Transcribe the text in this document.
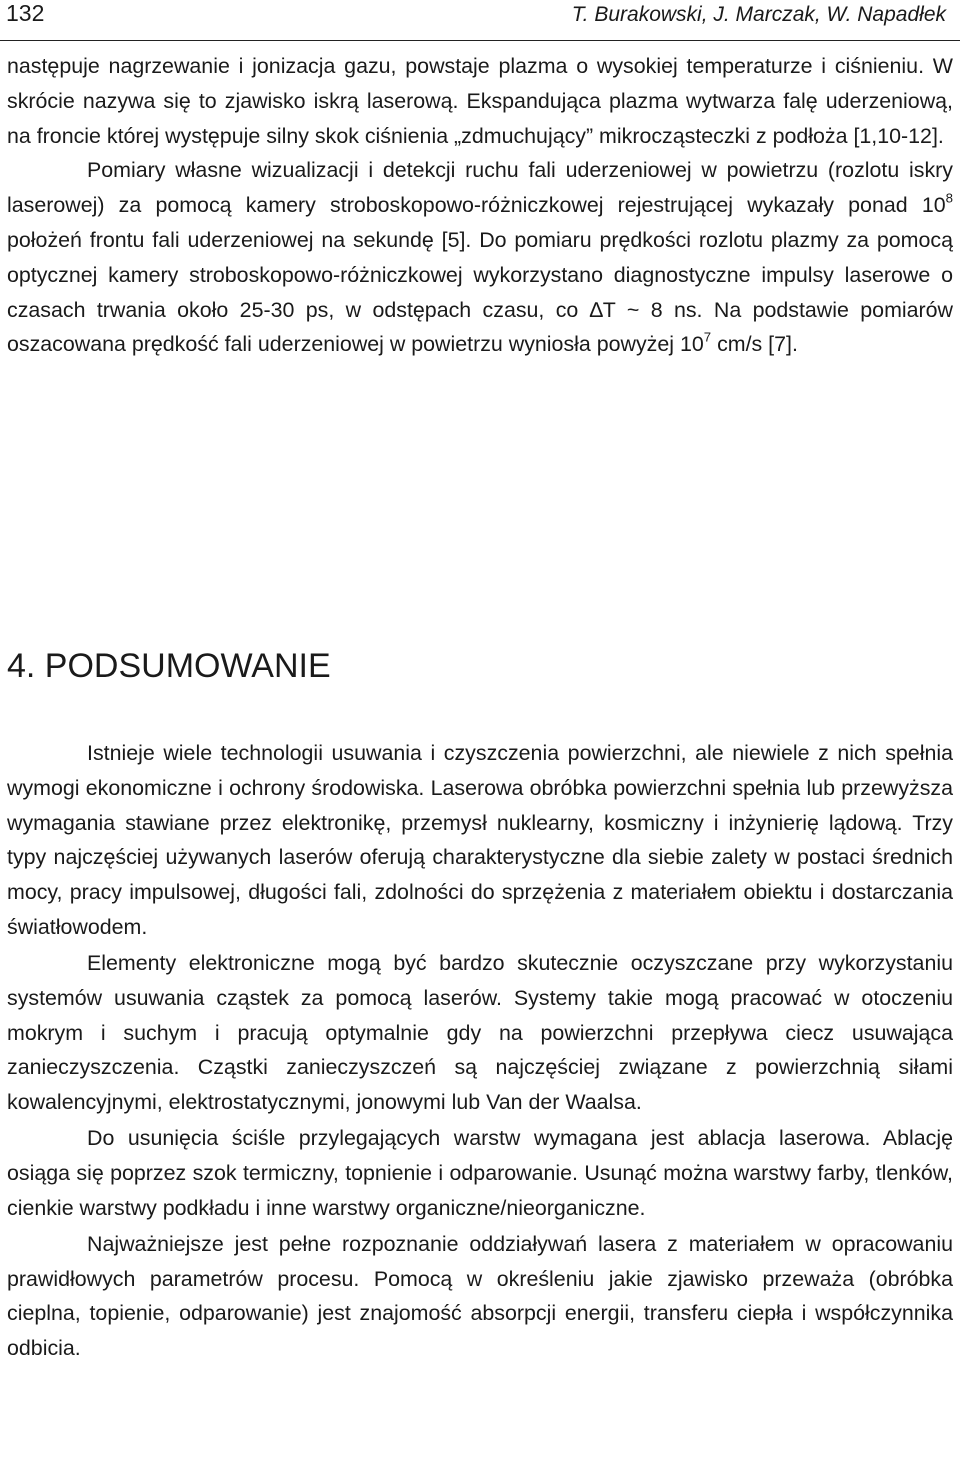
132	T. Burakowski, J. Marczak, W. Napadłek

następuje nagrzewanie i jonizacja gazu, powstaje plazma o wysokiej temperaturze i ciśnieniu. W skrócie nazywa się to zjawisko iskrą laserową. Ekspandująca plazma wytwarza falę uderzeniową, na froncie której występuje silny skok ciśnienia „zdmuchujący” mikrocząsteczki z podłoża [1,10-12].

Pomiary własne wizualizacji i detekcji ruchu fali uderzeniowej w powietrzu (rozlotu iskry laserowej) za pomocą kamery stroboskopowo-różniczkowej rejestrującej wykazały ponad $10^8$ położeń frontu fali uderzeniowej na sekundę [5]. Do pomiaru prędkości rozlotu plazmy za pomocą optycznej kamery stroboskopowo-różniczkowej wykorzystano diagnostyczne impulsy laserowe o czasach trwania około 25-30 ps, w odstępach czasu, co ∆T ~ 8 ns. Na podstawie pomiarów oszacowana prędkość fali uderzeniowej w powietrzu wyniosła powyżej $10^7$ cm/s [7].

4. PODSUMOWANIE

Istnieje wiele technologii usuwania i czyszczenia powierzchni, ale niewiele z nich spełnia wymogi ekonomiczne i ochrony środowiska. Laserowa obróbka powierzchni spełnia lub przewyższa wymagania stawiane przez elektronikę, przemysł nuklearny, kosmiczny i inżynierię lądową. Trzy typy najczęściej używanych laserów oferują charakterystyczne dla siebie zalety w postaci średnich mocy, pracy impulsowej, długości fali, zdolności do sprzężenia z materiałem obiektu i dostarczania światłowodem.

Elementy elektroniczne mogą być bardzo skutecznie oczyszczane przy wykorzystaniu systemów usuwania cząstek za pomocą laserów. Systemy takie mogą pracować w otoczeniu mokrym i suchym i pracują optymalnie gdy na powierzchni przepływa ciecz usuwająca zanieczyszczenia. Cząstki zanieczyszczeń są najczęściej związane z powierzchnią siłami kowalencyjnymi, elektrostatycznymi, jonowymi lub Van der Waalsa.

Do usunięcia ściśle przylegających warstw wymagana jest ablacja laserowa. Ablację osiąga się poprzez szok termiczny, topnienie i odparowanie. Usunąć można warstwy farby, tlenków, cienkie warstwy podkładu i inne warstwy organiczne/nieorganiczne.

Najważniejsze jest pełne rozpoznanie oddziaływań lasera z materiałem w opracowaniu prawidłowych parametrów procesu. Pomocą w określeniu jakie zjawisko przeważa (obróbka cieplna, topienie, odparowanie) jest znajomość absorpcji energii, transferu ciepła i współczynnika odbicia.
